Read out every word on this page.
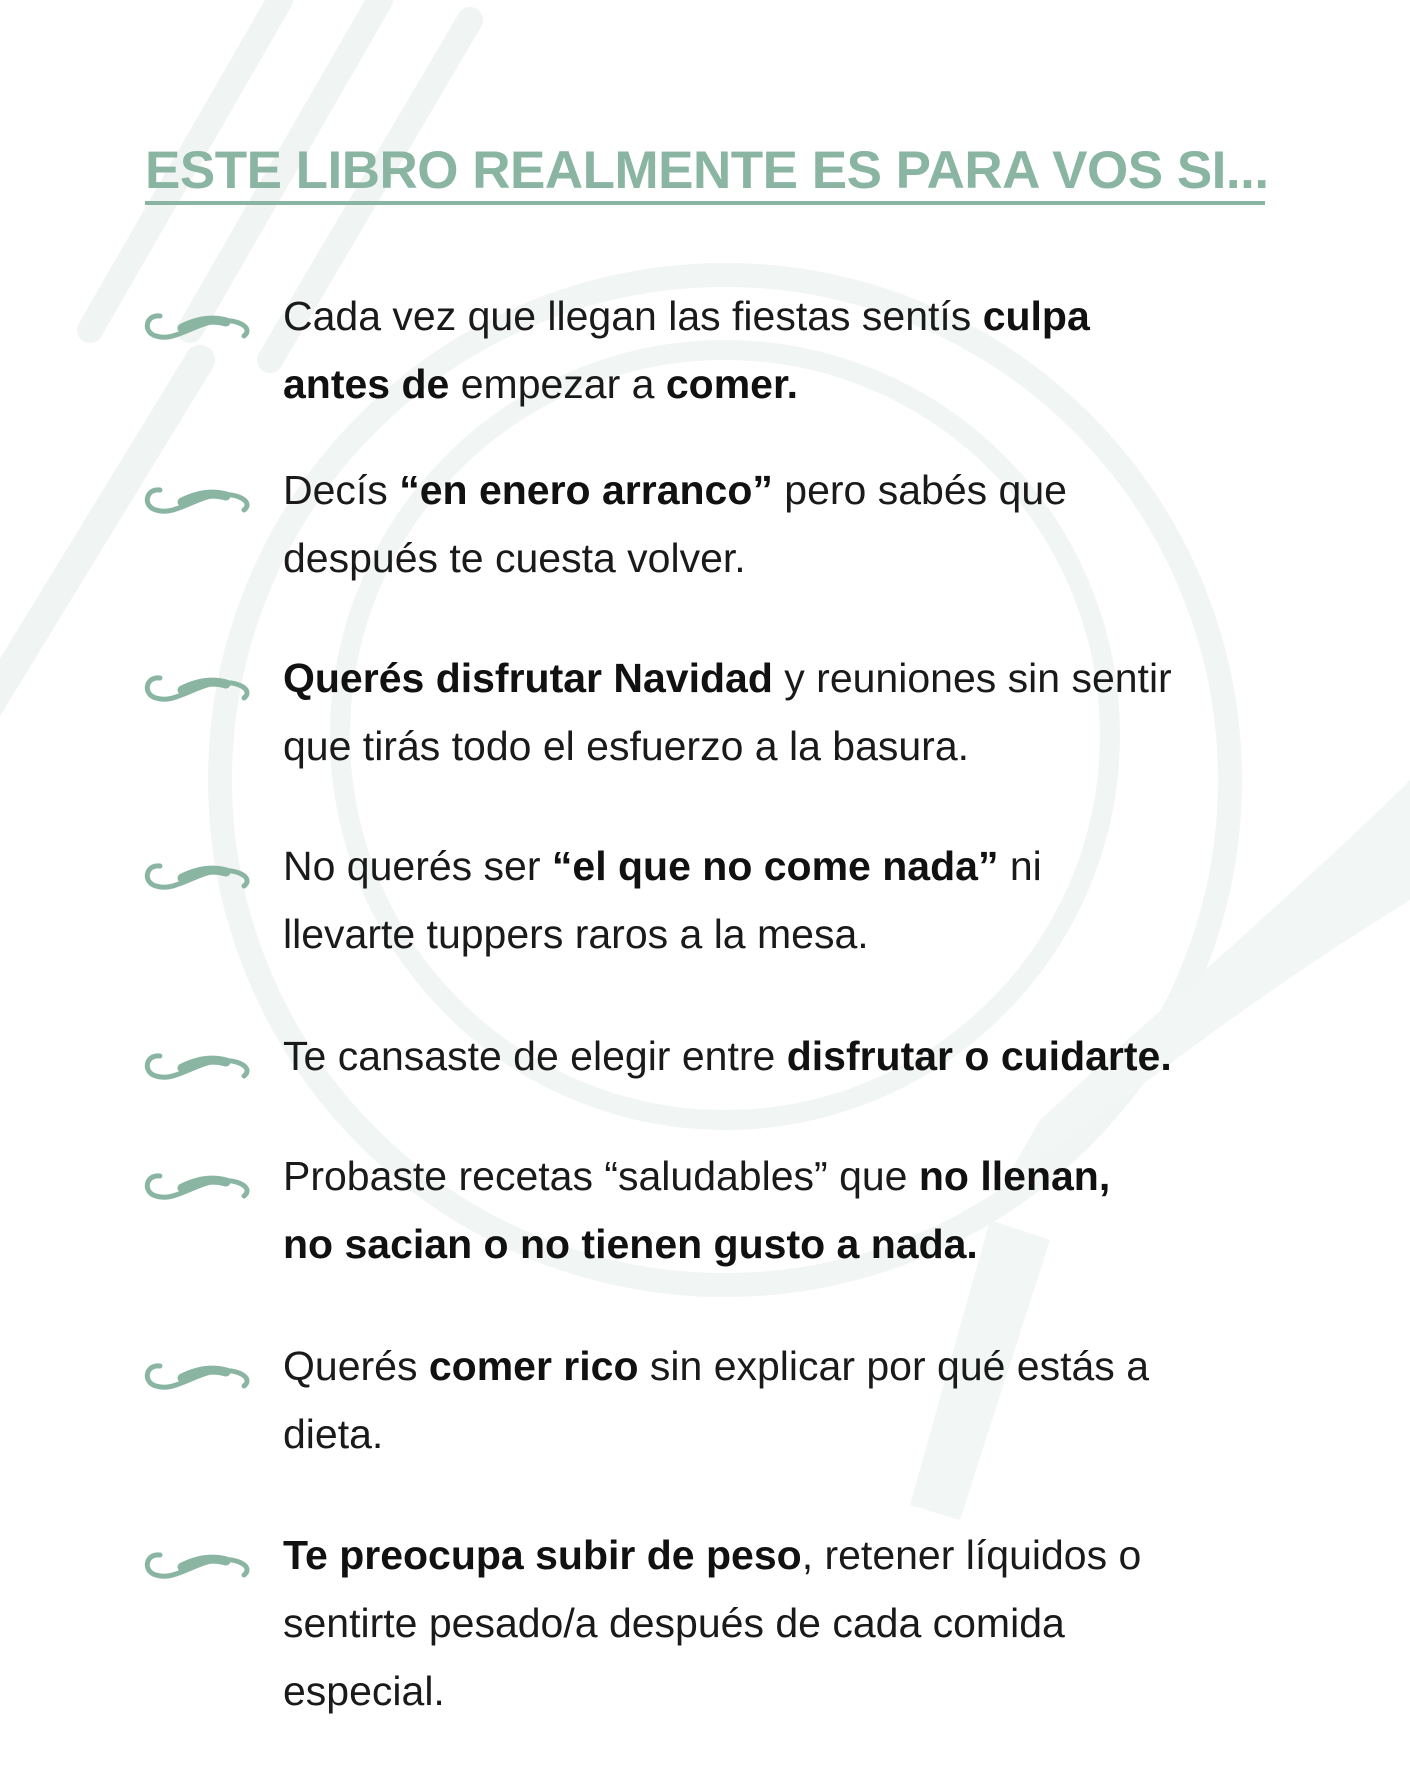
ESTE LIBRO REALMENTE ES PARA VOS SI...

Cada vez que llegan las fiestas sentís culpa

antes de empezar a comer.

Decís “en enero arranco” pero sabés que

después te cuesta volver.

Querés disfrutar Navidad y reuniones sin sentir

que tirás todo el esfuerzo a la basura.

No querés ser “el que no come nada” ni

llevarte tuppers raros a la mesa.

Te cansaste de elegir entre disfrutar o cuidarte.

Probaste recetas “saludables” que no llenan,

no sacian o no tienen gusto a nada.

Querés comer rico sin explicar por qué estás a

dieta.

Te preocupa subir de peso, retener líquidos o

sentirte pesado/a después de cada comida

especial.
